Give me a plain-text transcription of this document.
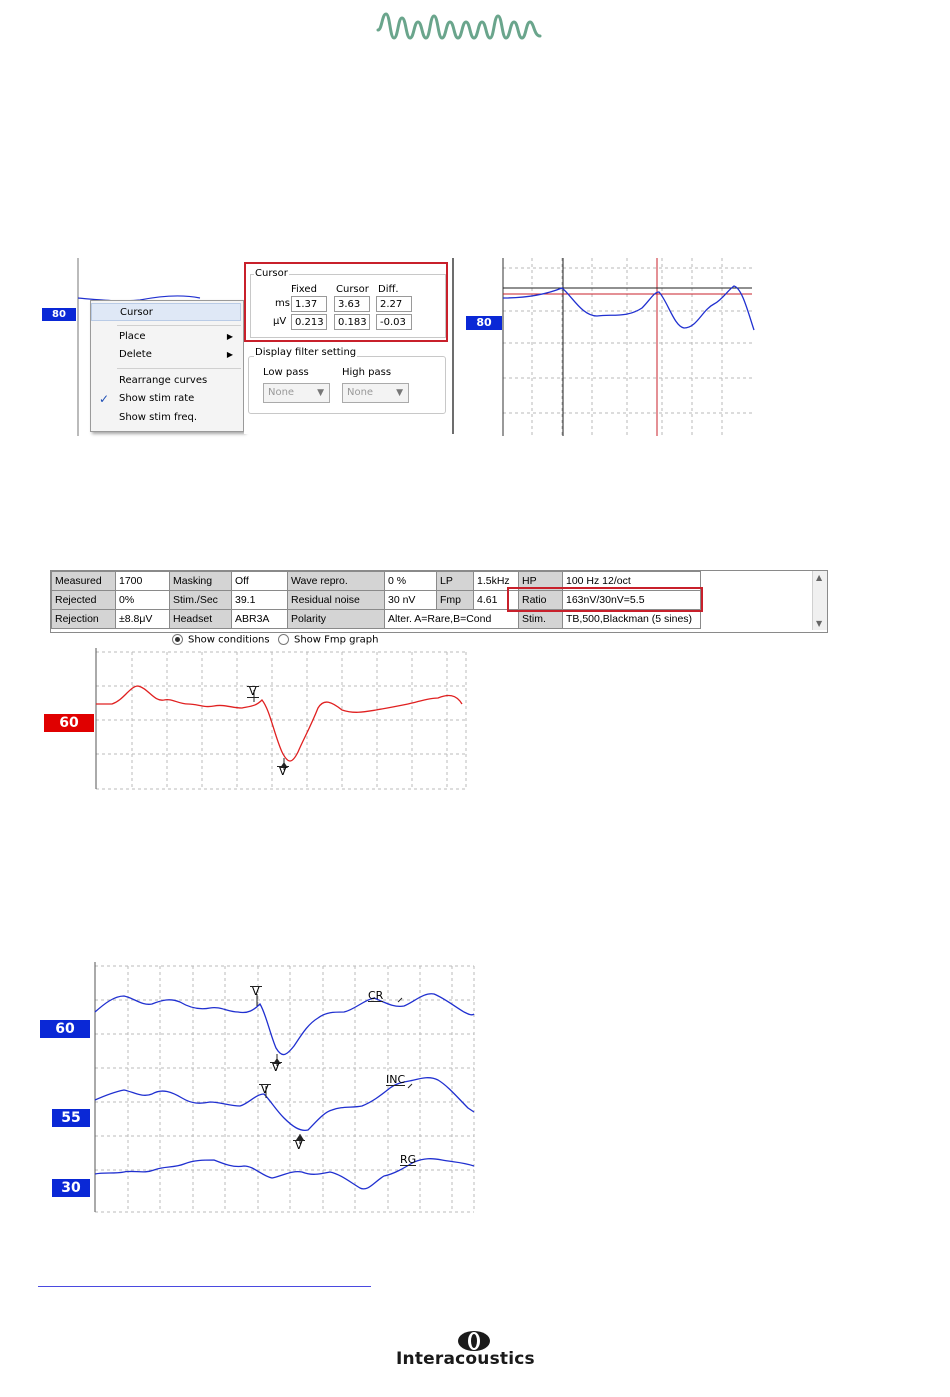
80	Cursor
Place	▶
Delete	▶
Rearrange curves
✓ Show stim rate
Show stim freq.
Cursor
Fixed Cursor Diff.
ms
μV
1.37	3.63	2.27
0.213	0.183	-0.03
Display filter setting
Low pass	High pass
None	▼	None	▼
80
Measured	1700	Masking	Off	Wave repro.	0 %	LP	1.5kHz	HP	100 Hz 12/oct
Rejected	0%	Stim./Sec	39.1	Residual noise	30 nV	Fmp	4.61	Ratio	163nV/30nV=5.5
Rejection	±8.8μV	Headset	ABR3A	Polarity	Alter. A=Rare,B=Cond			Stim.	TB,500,Blackman (5 sines)
▲
▼
Show conditions	Show Fmp graph
V
V
60
V
V
V
V
CR
INC
RG
60
55
30
Interacoustics
